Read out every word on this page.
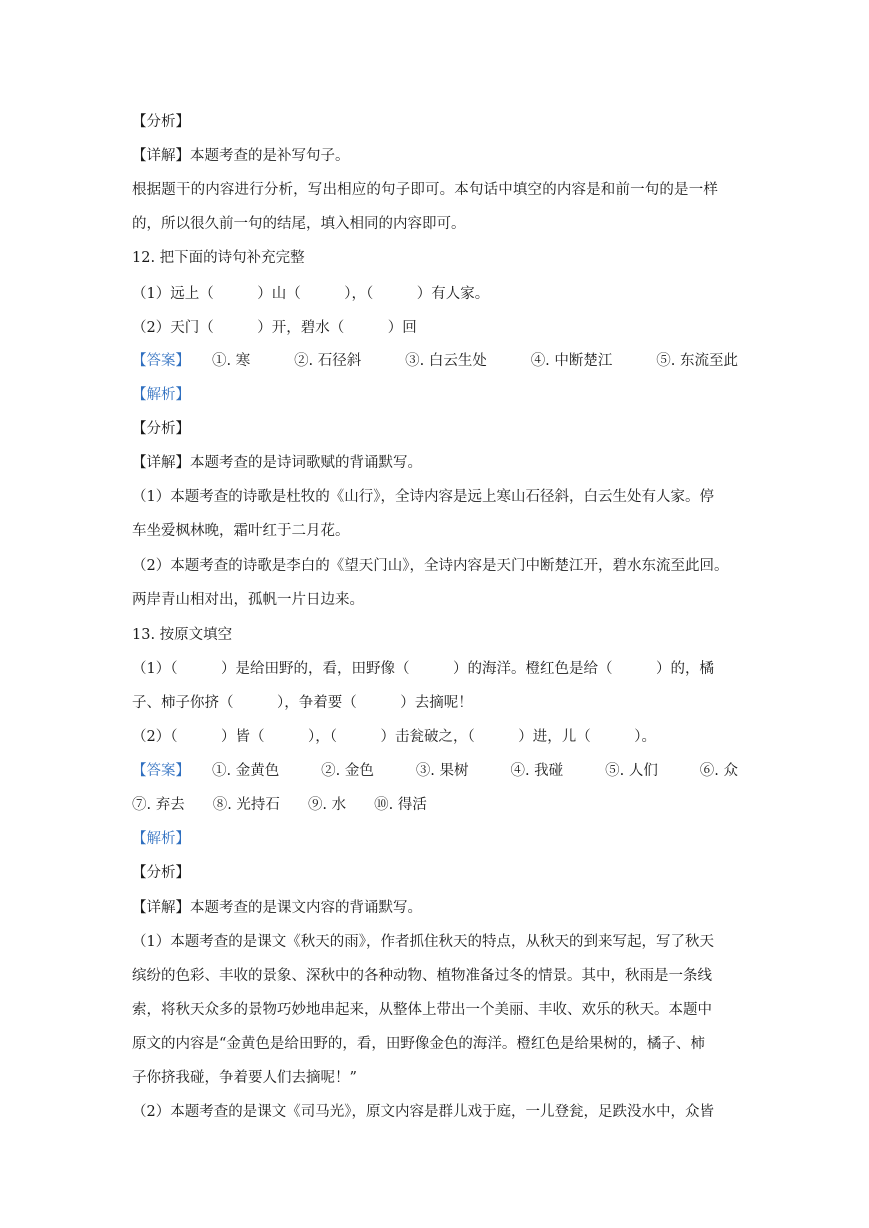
【分析】
【详解】本题考查的是补写句子。
根据题干的内容进行分析，写出相应的句子即可。本句话中填空的内容是和前一句的是一样
的，所以很久前一句的结尾，填入相同的内容即可。
12. 把下面的诗句补充完整
（1）远上（　　　）山（　　　），（　　　）有人家。
（2）天门（　　　）开，碧水（　　　）回
【答案】 ①. 寒	②. 石径斜	③. 白云生处	④. 中断楚江	⑤. 东流至此
【解析】
【分析】
【详解】本题考查的是诗词歌赋的背诵默写。
（1）本题考查的诗歌是杜牧的《山行》，全诗内容是远上寒山石径斜，白云生处有人家。停
车坐爱枫林晚，霜叶红于二月花。
（2）本题考查的诗歌是李白的《望天门山》，全诗内容是天门中断楚江开，碧水东流至此回。
两岸青山相对出，孤帆一片日边来。
13. 按原文填空
（1）（　　　）是给田野的，看，田野像（　　　）的海洋。橙红色是给（　　　）的，橘
子、柿子你挤（　　　），争着要（　　　）去摘呢！
（2）（　　　）皆（　　　），（　　　）击瓮破之，（　　　）进，儿（　　　）。
【答案】 ①. 金黄色	②. 金色	③. 果树	④. 我碰	⑤. 人们	⑥. 众
⑦. 弃去 ⑧. 光持石 ⑨. 水 ⑩. 得活
【解析】
【分析】
【详解】本题考查的是课文内容的背诵默写。
（1）本题考查的是课文《秋天的雨》，作者抓住秋天的特点，从秋天的到来写起，写了秋天
缤纷的色彩、丰收的景象、深秋中的各种动物、植物准备过冬的情景。其中，秋雨是一条线
索，将秋天众多的景物巧妙地串起来，从整体上带出一个美丽、丰收、欢乐的秋天。本题中
原文的内容是“金黄色是给田野的，看，田野像金色的海洋。橙红色是给果树的，橘子、柿
子你挤我碰，争着要人们去摘呢！”
（2）本题考查的是课文《司马光》，原文内容是群儿戏于庭，一儿登瓮，足跌没水中，众皆
